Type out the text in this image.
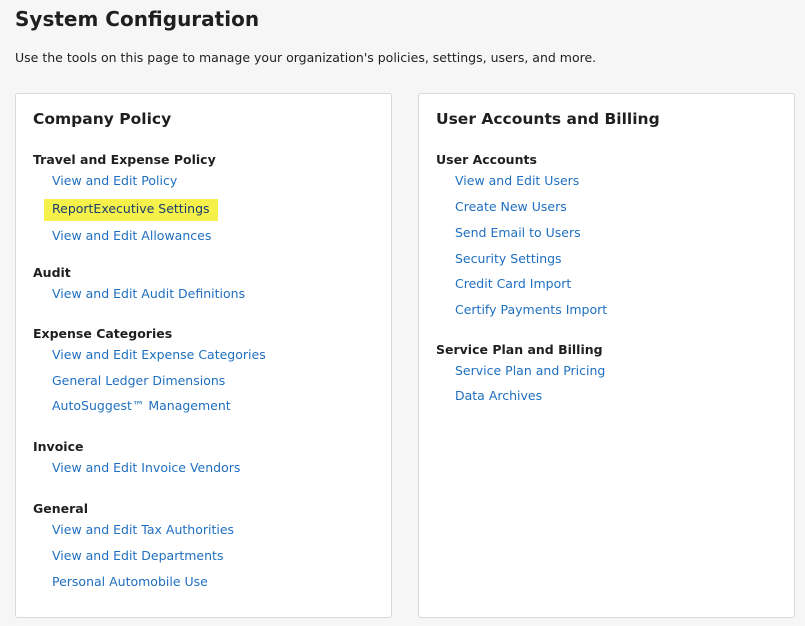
System Configuration

Use the tools on this page to manage your organization's policies, settings, users, and more.

Company Policy
Travel and Expense Policy
View and Edit Policy
ReportExecutive Settings
View and Edit Allowances
Audit
View and Edit Audit Definitions
Expense Categories
View and Edit Expense Categories
General Ledger Dimensions
AutoSuggest™ Management
Invoice
View and Edit Invoice Vendors
General
View and Edit Tax Authorities
View and Edit Departments
Personal Automobile Use
User Accounts and Billing
User Accounts
View and Edit Users
Create New Users
Send Email to Users
Security Settings
Credit Card Import
Certify Payments Import
Service Plan and Billing
Service Plan and Pricing
Data Archives
